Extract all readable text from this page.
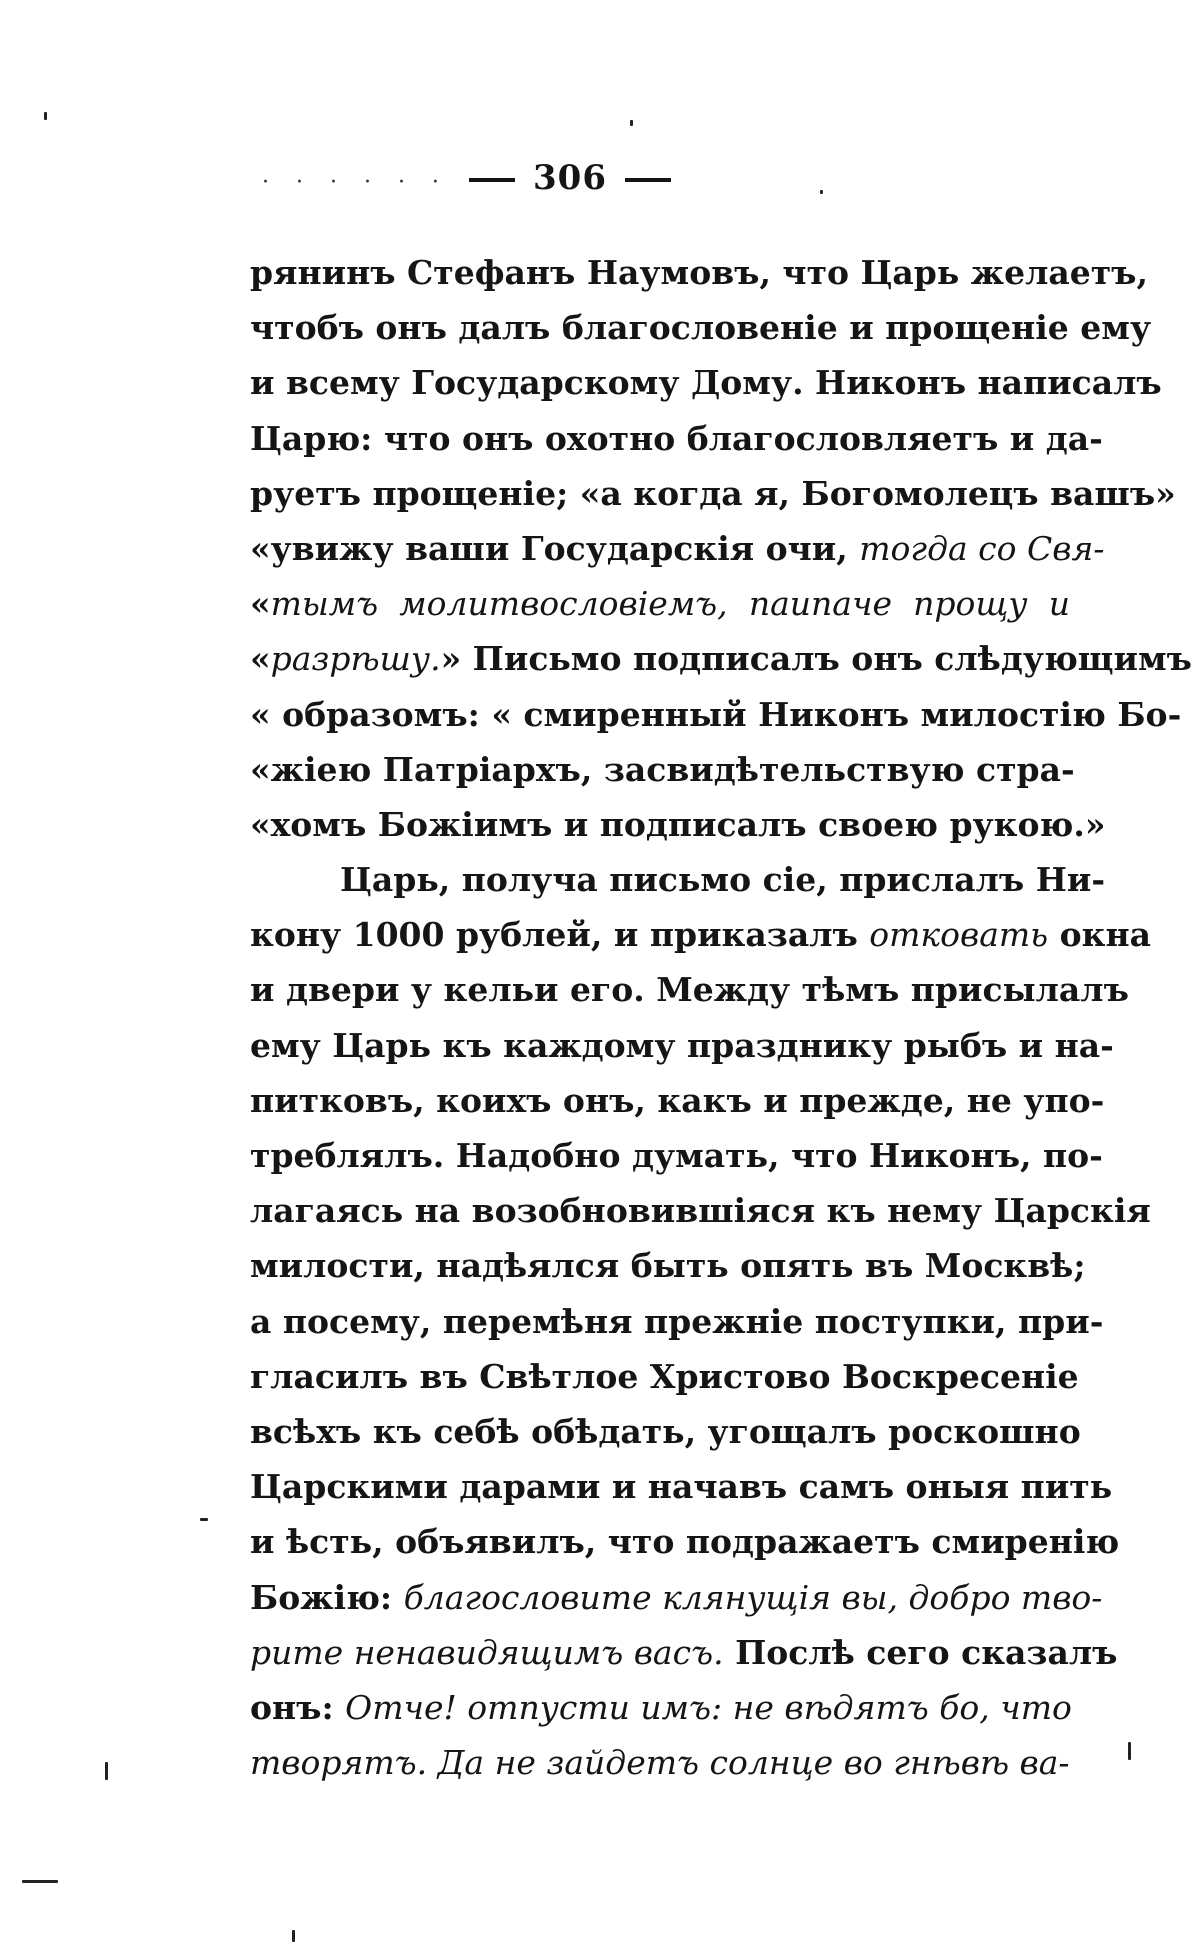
· · · · · ·	306
рянинъ Стефанъ Наумовъ, что Царь желаетъ,
чтобъ онъ далъ благословеніе и прощеніе ему
и всему Государскому Дому. Никонъ написалъ
Царю: что онъ охотно благословляетъ и да-
руетъ прощеніе; «а когда я, Богомолецъ вашъ»
«увижу ваши Государскія очи, тогда со Свя-
«тымъ молитвословіемъ, паипаче прощу и
«разрѣшу.» Письмо подписалъ онъ слѣдующимъ
« образомъ: « смиренный Никонъ милостію Бо-
«жіею Патріархъ, засвидѣтельствую стра-
«хомъ Божіимъ и подписалъ своею рукою.»
Царь, получа письмо сіе, прислалъ Ни-
кону 1000 рублей, и приказалъ отковать окна
и двери у кельи его. Между тѣмъ присылалъ
ему Царь къ каждому празднику рыбъ и на-
питковъ, коихъ онъ, какъ и прежде, не упо-
треблялъ. Надобно думать, что Никонъ, по-
лагаясь на возобновившіяся къ нему Царскія
милости, надѣялся быть опять въ Москвѣ;
а посему, перемѣня прежніе поступки, при-
гласилъ въ Свѣтлое Христово Воскресеніе
всѣхъ къ себѣ обѣдать, угощалъ роскошно
Царскими дарами и начавъ самъ оныя пить
и ѣсть, объявилъ, что подражаетъ смиренію
Божію: благословите клянущія вы, добро тво-
рите ненавидящимъ васъ. Послѣ сего сказалъ
онъ: Отче! отпусти имъ: не вѣдятъ бо, что
творятъ. Да не зайдетъ солнце во гнѣвѣ ва-
